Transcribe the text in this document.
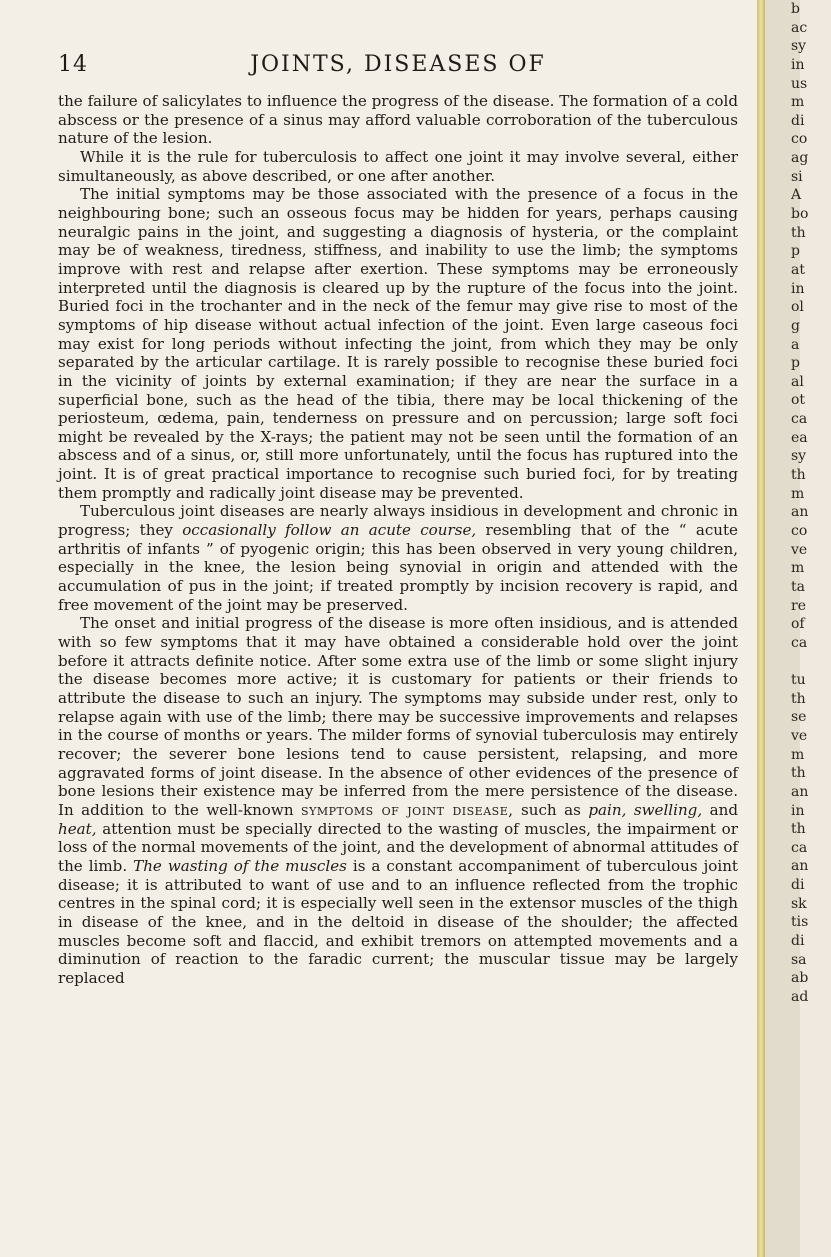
14	JOINTS, DISEASES OF

the failure of salicylates to influence the progress of the disease. The formation of a cold abscess or the presence of a sinus may afford valuable corroboration of the tuberculous nature of the lesion.

While it is the rule for tuberculosis to affect one joint it may involve several, either simultaneously, as above described, or one after another.

The initial symptoms may be those associated with the presence of a focus in the neighbouring bone; such an osseous focus may be hidden for years, perhaps causing neuralgic pains in the joint, and suggesting a diagnosis of hysteria, or the complaint may be of weakness, tiredness, stiffness, and inability to use the limb; the symptoms improve with rest and relapse after exertion. These symptoms may be erroneously interpreted until the diagnosis is cleared up by the rupture of the focus into the joint. Buried foci in the trochanter and in the neck of the femur may give rise to most of the symptoms of hip disease without actual infection of the joint. Even large caseous foci may exist for long periods without infecting the joint, from which they may be only separated by the articular cartilage. It is rarely possible to recognise these buried foci in the vicinity of joints by external examination; if they are near the surface in a superficial bone, such as the head of the tibia, there may be local thickening of the periosteum, œdema, pain, tenderness on pressure and on percussion; large soft foci might be revealed by the X-rays; the patient may not be seen until the formation of an abscess and of a sinus, or, still more unfortunately, until the focus has ruptured into the joint. It is of great practical importance to recognise such buried foci, for by treating them promptly and radically joint disease may be prevented.

Tuberculous joint diseases are nearly always insidious in development and chronic in progress; they occasionally follow an acute course, resembling that of the “ acute arthritis of infants ” of pyogenic origin; this has been observed in very young children, especially in the knee, the lesion being synovial in origin and attended with the accumulation of pus in the joint; if treated promptly by incision recovery is rapid, and free movement of the joint may be preserved.

The onset and initial progress of the disease is more often insidious, and is attended with so few symptoms that it may have obtained a considerable hold over the joint before it attracts definite notice. After some extra use of the limb or some slight injury the disease becomes more active; it is customary for patients or their friends to attribute the disease to such an injury. The symptoms may subside under rest, only to relapse again with use of the limb; there may be successive improvements and relapses in the course of months or years. The milder forms of synovial tuberculosis may entirely recover; the severer bone lesions tend to cause persistent, relapsing, and more aggravated forms of joint disease. In the absence of other evidences of the presence of bone lesions their existence may be inferred from the mere persistence of the disease. In addition to the well-known symptoms of joint disease, such as pain, swelling, and heat, attention must be specially directed to the wasting of muscles, the impairment or loss of the normal movements of the joint, and the development of abnormal attitudes of the limb. The wasting of the muscles is a constant accompaniment of tuberculous joint disease; it is attributed to want of use and to an influence reflected from the trophic centres in the spinal cord; it is especially well seen in the extensor muscles of the thigh in disease of the knee, and in the deltoid in disease of the shoulder; the affected muscles become soft and flaccid, and exhibit tremors on attempted movements and a diminution of reaction to the faradic current; the muscular tissue may be largely replaced

b
ac
sy
in
us
m
di
co
ag
si
A
bo
th
p
at
in
ol
g
a
p
al
ot
ca
ea
sy
th
m
an
co
ve
m
ta
re
of
ca
tu
th
se
ve
m
th
an
in
th
ca
an
di
sk
tis
di
sa
ab
ad
